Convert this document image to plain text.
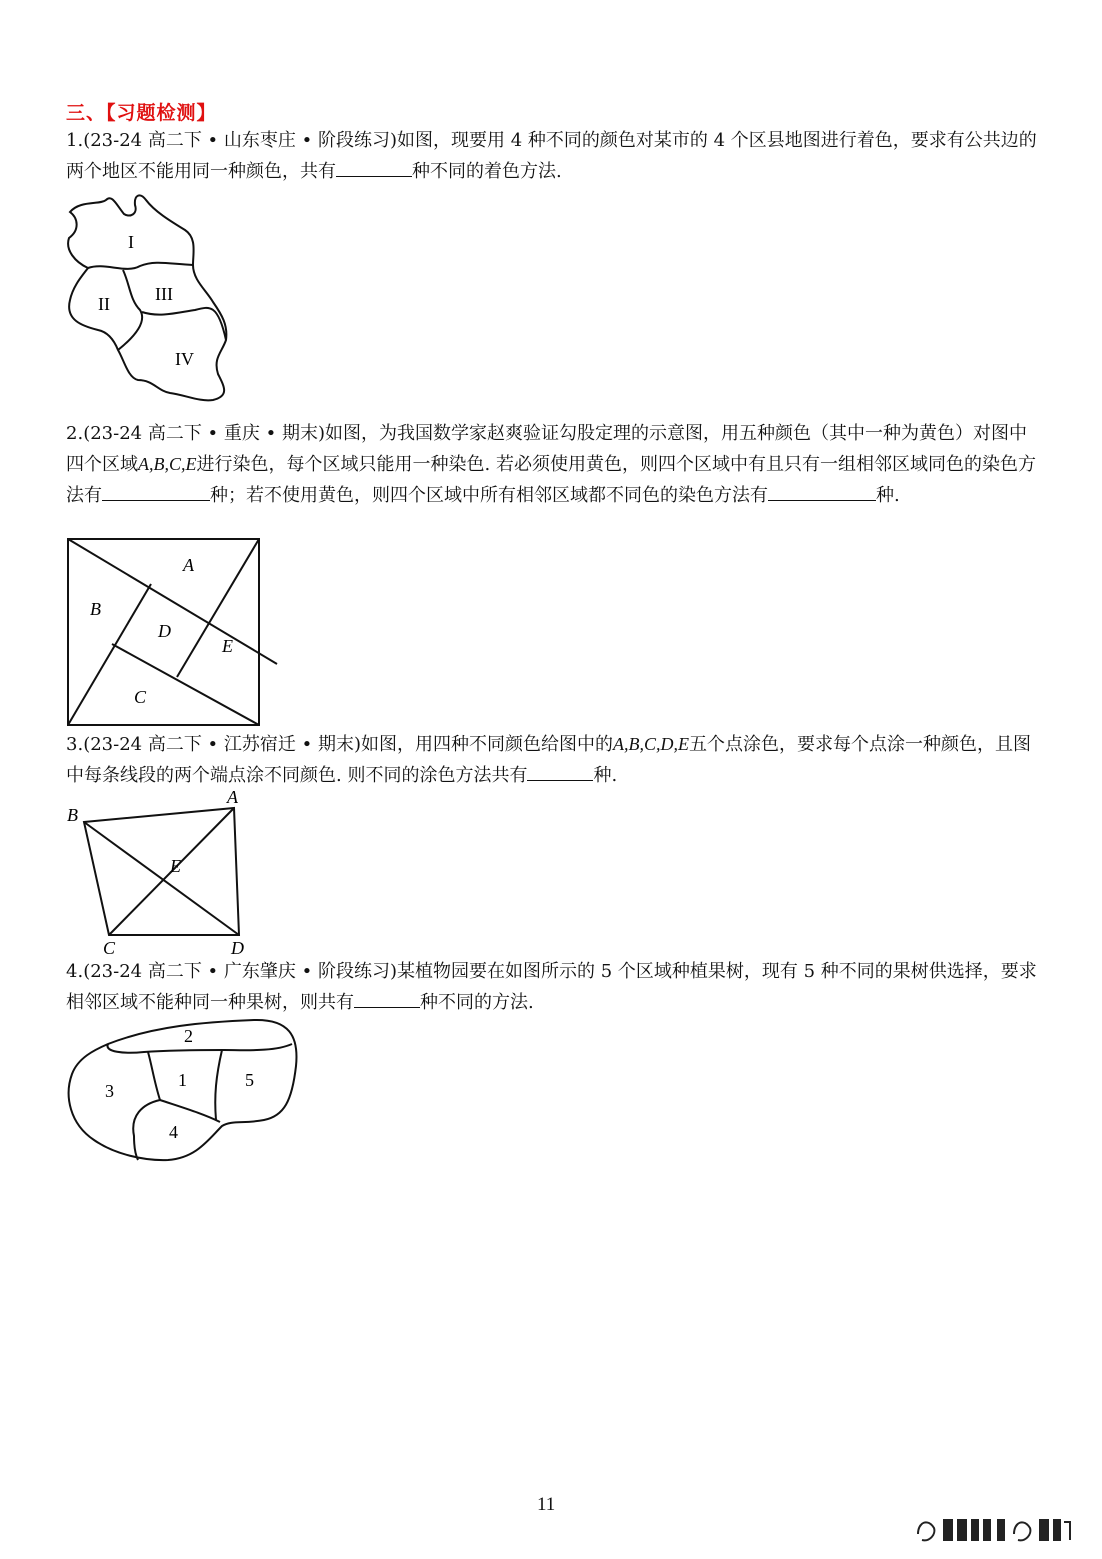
三、【习题检测】
1.(23-24 高二下 • 山东枣庄 • 阶段练习)如图，现要用 4 种不同的颜色对某市的 4 个区县地图进行着色，要求有公共边的两个地区不能用同一种颜色，共有	种不同的着色方法.
I
II	III
IV
2.(23-24 高二下 • 重庆 • 期末)如图，为我国数学家赵爽验证勾股定理的示意图，用五种颜色（其中一种为黄色）对图中四个区域A,B,C,E进行染色，每个区域只能用一种染色. 若必须使用黄色，则四个区域中有且只有一组相邻区域同色的染色方法有	种；若不使用黄色，则四个区域中所有相邻区域都不同色的染色方法有	种.
A
B
C
D
E
3.(23-24 高二下 • 江苏宿迁 • 期末)如图，用四种不同颜色给图中的A,B,C,D,E五个点涂色，要求每个点涂一种颜色，且图中每条线段的两个端点涂不同颜色. 则不同的涂色方法共有	种.
B
A
E
C	D
4.(23-24 高二下 • 广东肇庆 • 阶段练习)某植物园要在如图所示的 5 个区域种植果树，现有 5 种不同的果树供选择，要求相邻区域不能种同一种果树，则共有	种不同的方法.
2
1
3
5
4
11
